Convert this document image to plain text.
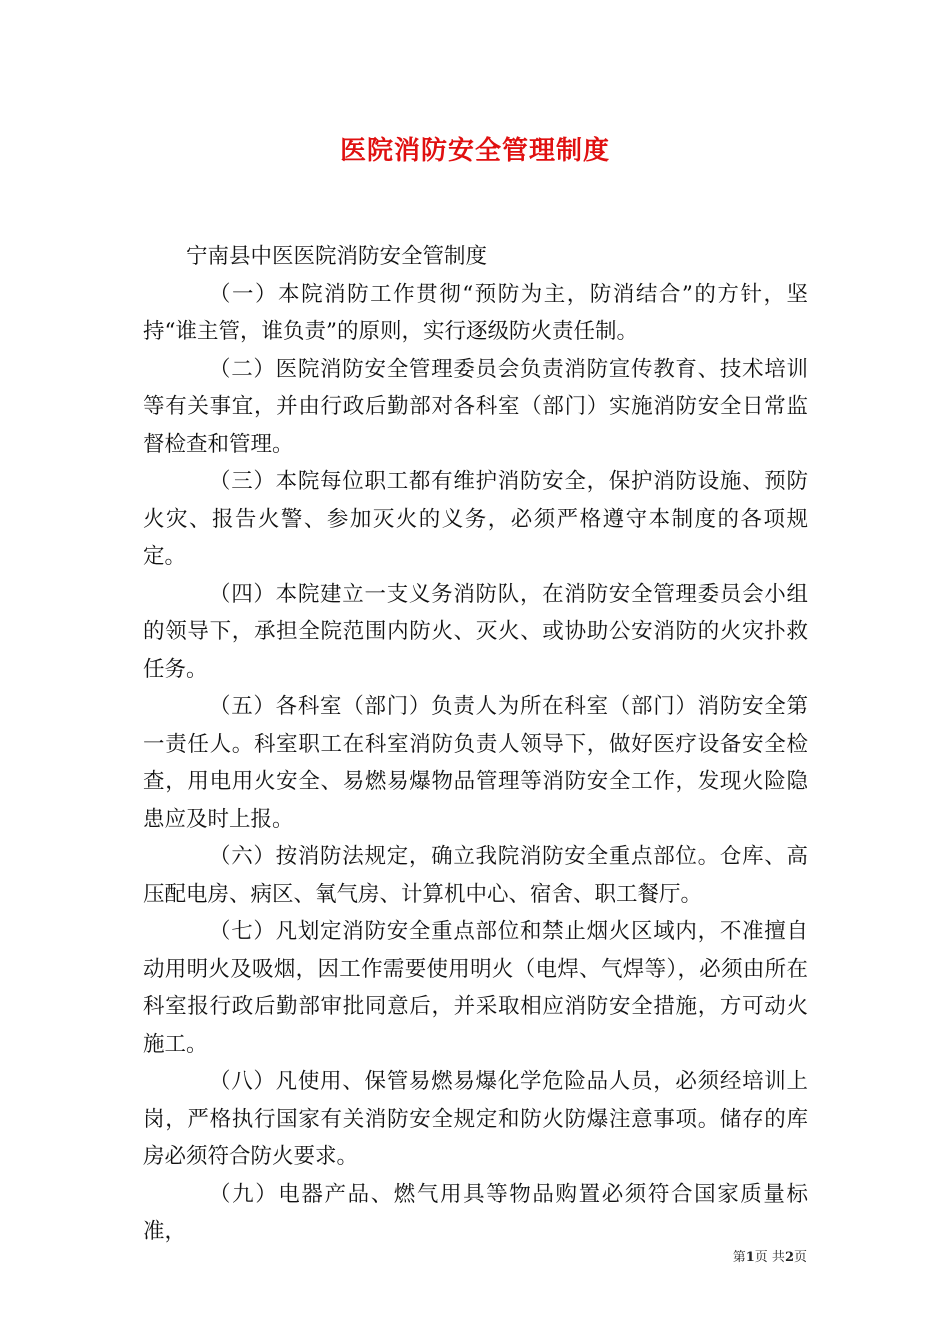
医院消防安全管理制度

宁南县中医医院消防安全管制度

（一）本院消防工作贯彻“预防为主，防消结合”的方针，坚持“谁主管，谁负责”的原则，实行逐级防火责任制。

（二）医院消防安全管理委员会负责消防宣传教育、技术培训等有关事宜，并由行政后勤部对各科室（部门）实施消防安全日常监督检查和管理。

（三）本院每位职工都有维护消防安全，保护消防设施、预防火灾、报告火警、参加灭火的义务，必须严格遵守本制度的各项规定。

（四）本院建立一支义务消防队，在消防安全管理委员会小组的领导下，承担全院范围内防火、灭火、或协助公安消防的火灾扑救任务。

（五）各科室（部门）负责人为所在科室（部门）消防安全第一责任人。科室职工在科室消防负责人领导下，做好医疗设备安全检查，用电用火安全、易燃易爆物品管理等消防安全工作，发现火险隐患应及时上报。

（六）按消防法规定，确立我院消防安全重点部位。仓库、高压配电房、病区、氧气房、计算机中心、宿舍、职工餐厅。

（七）凡划定消防安全重点部位和禁止烟火区域内，不准擅自动用明火及吸烟，因工作需要使用明火（电焊、气焊等），必须由所在科室报行政后勤部审批同意后，并采取相应消防安全措施，方可动火施工。

（八）凡使用、保管易燃易爆化学危险品人员，必须经培训上岗，严格执行国家有关消防安全规定和防火防爆注意事项。储存的库房必须符合防火要求。

（九）电器产品、燃气用具等物品购置必须符合国家质量标准，

第1页 共2页
